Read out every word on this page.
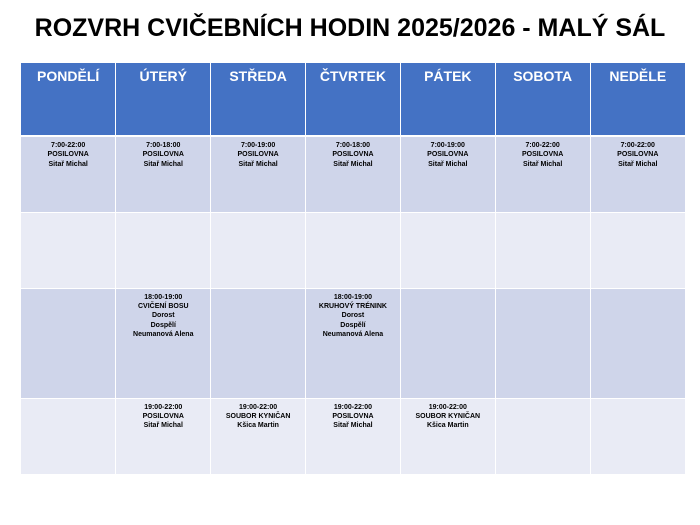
ROZVRH CVIČEBNÍCH HODIN 2025/2026 - MALÝ SÁL
PONDĚLÍ	ÚTERÝ	STŘEDA	ČTVRTEK	PÁTEK	SOBOTA	NEDĚLE

7:00-22:00
POSILOVNA
Sitař Michal	7:00-18:00
POSILOVNA
Sitař Michal	7:00-19:00
POSILOVNA
Sitař Michal	7:00-18:00
POSILOVNA
Sitař Michal	7:00-19:00
POSILOVNA
Sitař Michal	7:00-22:00
POSILOVNA
Sitař Michal	7:00-22:00
POSILOVNA
Sitař Michal

	18:00-19:00
CVIČENÍ BOSU
Dorost
Dospělí
Neumanová Alena		18:00-19:00
KRUHOVÝ TRÉNINK
Dorost
Dospělí
Neumanová Alena			

	19:00-22:00
POSILOVNA
Sitař Michal	19:00-22:00
SOUBOR KYNIČAN
Kšica Martin	19:00-22:00
POSILOVNA
Sitař Michal	19:00-22:00
SOUBOR KYNIČAN
Kšica Martin		
